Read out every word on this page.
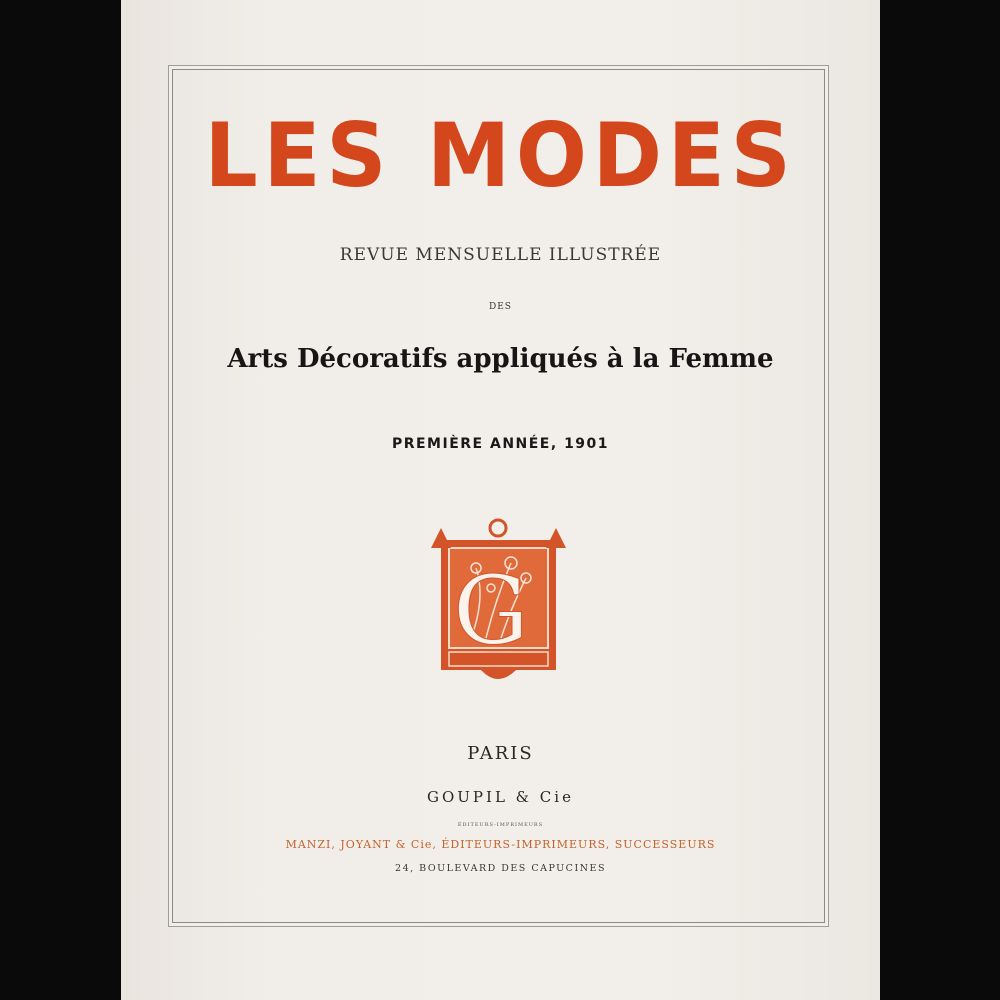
LES MODES
REVUE MENSUELLE ILLUSTRÉE
DES
Arts Décoratifs appliqués à la Femme
PREMIÈRE ANNÉE, 1901
G
PARIS
GOUPIL & Cie
ÉDITEURS-IMPRIMEURS
MANZI, JOYANT & Cie, ÉDITEURS-IMPRIMEURS, SUCCESSEURS
24, BOULEVARD DES CAPUCINES
